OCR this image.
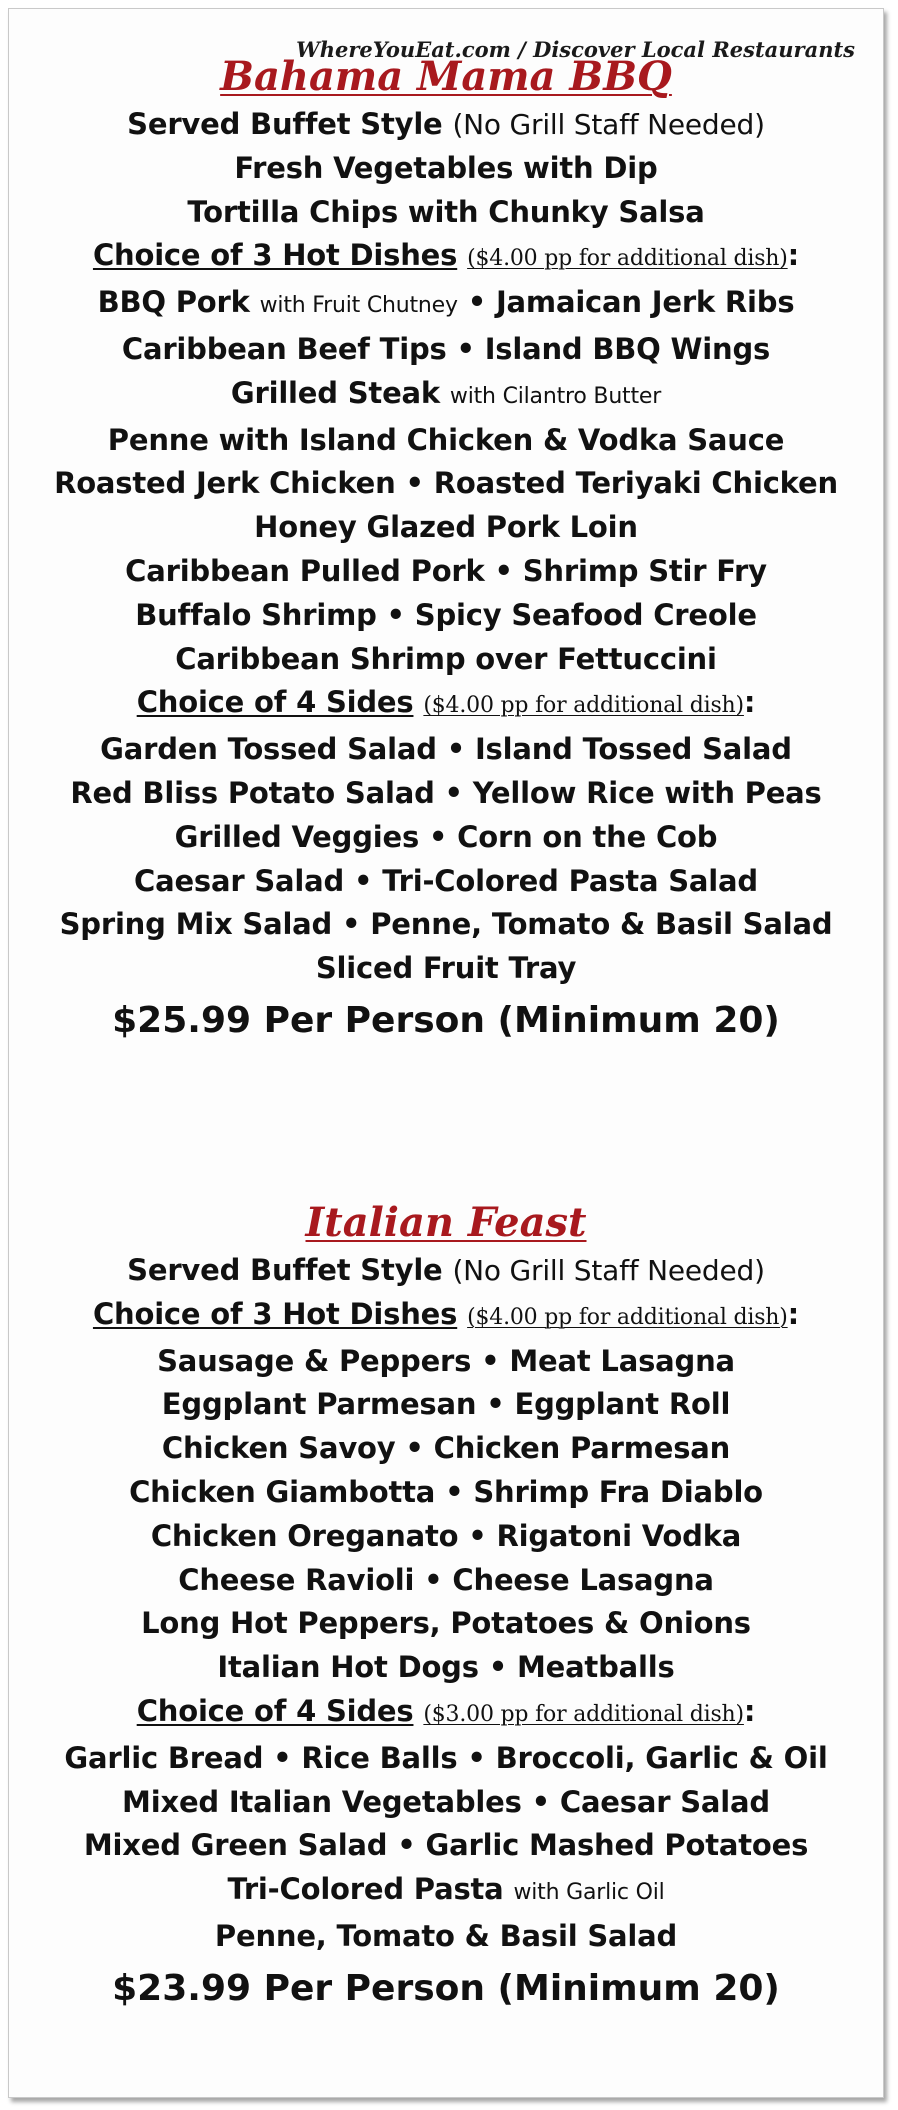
WhereYouEat.com / Discover Local Restaurants
Bahama Mama BBQ
Served Buffet Style (No Grill Staff Needed)
Fresh Vegetables with Dip
Tortilla Chips with Chunky Salsa
Choice of 3 Hot Dishes ($4.00 pp for additional dish):
BBQ Pork with Fruit Chutney • Jamaican Jerk Ribs
Caribbean Beef Tips • Island BBQ Wings
Grilled Steak with Cilantro Butter
Penne with Island Chicken & Vodka Sauce
Roasted Jerk Chicken • Roasted Teriyaki Chicken
Honey Glazed Pork Loin
Caribbean Pulled Pork • Shrimp Stir Fry
Buffalo Shrimp • Spicy Seafood Creole
Caribbean Shrimp over Fettuccini
Choice of 4 Sides ($4.00 pp for additional dish):
Garden Tossed Salad • Island Tossed Salad
Red Bliss Potato Salad • Yellow Rice with Peas
Grilled Veggies • Corn on the Cob
Caesar Salad • Tri-Colored Pasta Salad
Spring Mix Salad • Penne, Tomato & Basil Salad
Sliced Fruit Tray
$25.99 Per Person (Minimum 20)
Italian Feast
Served Buffet Style (No Grill Staff Needed)
Choice of 3 Hot Dishes ($4.00 pp for additional dish):
Sausage & Peppers • Meat Lasagna
Eggplant Parmesan • Eggplant Roll
Chicken Savoy • Chicken Parmesan
Chicken Giambotta • Shrimp Fra Diablo
Chicken Oreganato • Rigatoni Vodka
Cheese Ravioli • Cheese Lasagna
Long Hot Peppers, Potatoes & Onions
Italian Hot Dogs • Meatballs
Choice of 4 Sides ($3.00 pp for additional dish):
Garlic Bread • Rice Balls • Broccoli, Garlic & Oil
Mixed Italian Vegetables • Caesar Salad
Mixed Green Salad • Garlic Mashed Potatoes
Tri-Colored Pasta with Garlic Oil
Penne, Tomato & Basil Salad
$23.99 Per Person (Minimum 20)
